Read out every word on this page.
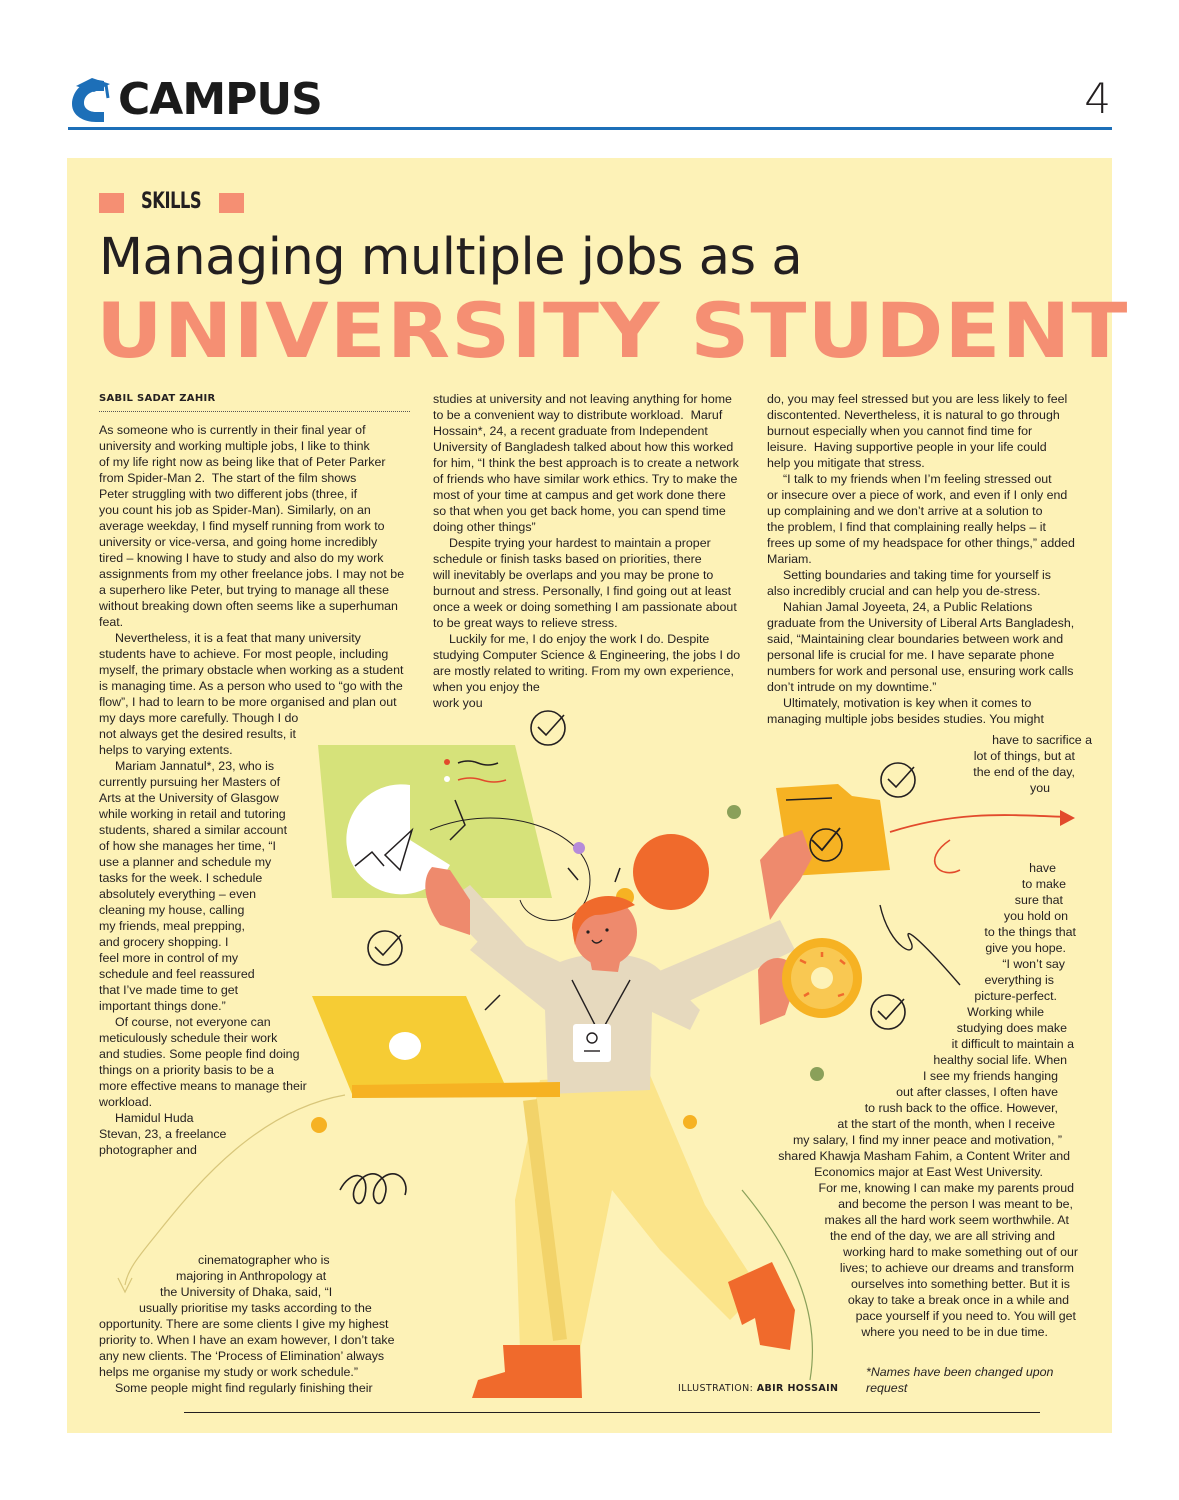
CAMPUS	4
SKILLS
Managing multiple jobs as a
UNIVERSITY STUDENT
SABIL SADAT ZAHIR
As someone who is currently in their final year of
university and working multiple jobs, I like to think
of my life right now as being like that of Peter Parker
from Spider-Man 2.  The start of the film shows
Peter struggling with two different jobs (three, if
you count his job as Spider-Man). Similarly, on an
average weekday, I find myself running from work to
university or vice-versa, and going home incredibly
tired – knowing I have to study and also do my work
assignments from my other freelance jobs. I may not be
a superhero like Peter, but trying to manage all these
without breaking down often seems like a superhuman
feat.
Nevertheless, it is a feat that many university
students have to achieve. For most people, including
myself, the primary obstacle when working as a student
is managing time. As a person who used to “go with the
flow”, I had to learn to be more organised and plan out
my days more carefully. Though I do
not always get the desired results, it
helps to varying extents.
Mariam Jannatul*, 23, who is
currently pursuing her Masters of
Arts at the University of Glasgow
while working in retail and tutoring
students, shared a similar account
of how she manages her time, “I
use a planner and schedule my
tasks for the week. I schedule
absolutely everything – even
cleaning my house, calling
my friends, meal prepping,
and grocery shopping. I
feel more in control of my
schedule and feel reassured
that I’ve made time to get
important things done.”
Of course, not everyone can
meticulously schedule their work
and studies. Some people find doing
things on a priority basis to be a
more effective means to manage their
workload.
Hamidul Huda
Stevan, 23, a freelance
photographer and
cinematographer who is
majoring in Anthropology at
the University of Dhaka, said, “I
usually prioritise my tasks according to the
opportunity. There are some clients I give my highest
priority to. When I have an exam however, I don’t take
any new clients. The ‘Process of Elimination’ always
helps me organise my study or work schedule.”
Some people might find regularly finishing their
studies at university and not leaving anything for home
to be a convenient way to distribute workload.  Maruf
Hossain*, 24, a recent graduate from Independent
University of Bangladesh talked about how this worked
for him, “I think the best approach is to create a network
of friends who have similar work ethics. Try to make the
most of your time at campus and get work done there
so that when you get back home, you can spend time
doing other things”
Despite trying your hardest to maintain a proper
schedule or finish tasks based on priorities, there
will inevitably be overlaps and you may be prone to
burnout and stress. Personally, I find going out at least
once a week or doing something I am passionate about
to be great ways to relieve stress.
Luckily for me, I do enjoy the work I do. Despite
studying Computer Science & Engineering, the jobs I do
are mostly related to writing. From my own experience,
when you enjoy the
work you
do, you may feel stressed but you are less likely to feel
discontented. Nevertheless, it is natural to go through
burnout especially when you cannot find time for
leisure.  Having supportive people in your life could
help you mitigate that stress.
“I talk to my friends when I’m feeling stressed out
or insecure over a piece of work, and even if I only end
up complaining and we don’t arrive at a solution to
the problem, I find that complaining really helps – it
frees up some of my headspace for other things,” added
Mariam.
Setting boundaries and taking time for yourself is
also incredibly crucial and can help you de-stress.
Nahian Jamal Joyeeta, 24, a Public Relations
graduate from the University of Liberal Arts Bangladesh,
said, “Maintaining clear boundaries between work and
personal life is crucial for me. I have separate phone
numbers for work and personal use, ensuring work calls
don’t intrude on my downtime.”
Ultimately, motivation is key when it comes to
managing multiple jobs besides studies. You might
have to sacrifice a
lot of things, but at
the end of the day,
you
have
to make
sure that
you hold on
to the things that
give you hope.
“I won’t say
everything is
picture-perfect.
Working while
studying does make
it difficult to maintain a
healthy social life. When
I see my friends hanging
out after classes, I often have
to rush back to the office. However,
at the start of the month, when I receive
my salary, I find my inner peace and motivation, ”
shared Khawja Masham Fahim, a Content Writer and
Economics major at East West University.
For me, knowing I can make my parents proud
and become the person I was meant to be,
makes all the hard work seem worthwhile. At
the end of the day, we are all striving and
working hard to make something out of our
lives; to achieve our dreams and transform
ourselves into something better. But it is
okay to take a break once in a while and
pace yourself if you need to. You will get
where you need to be in due time.
ILLUSTRATION: ABIR HOSSAIN
*Names have been changed upon
request
